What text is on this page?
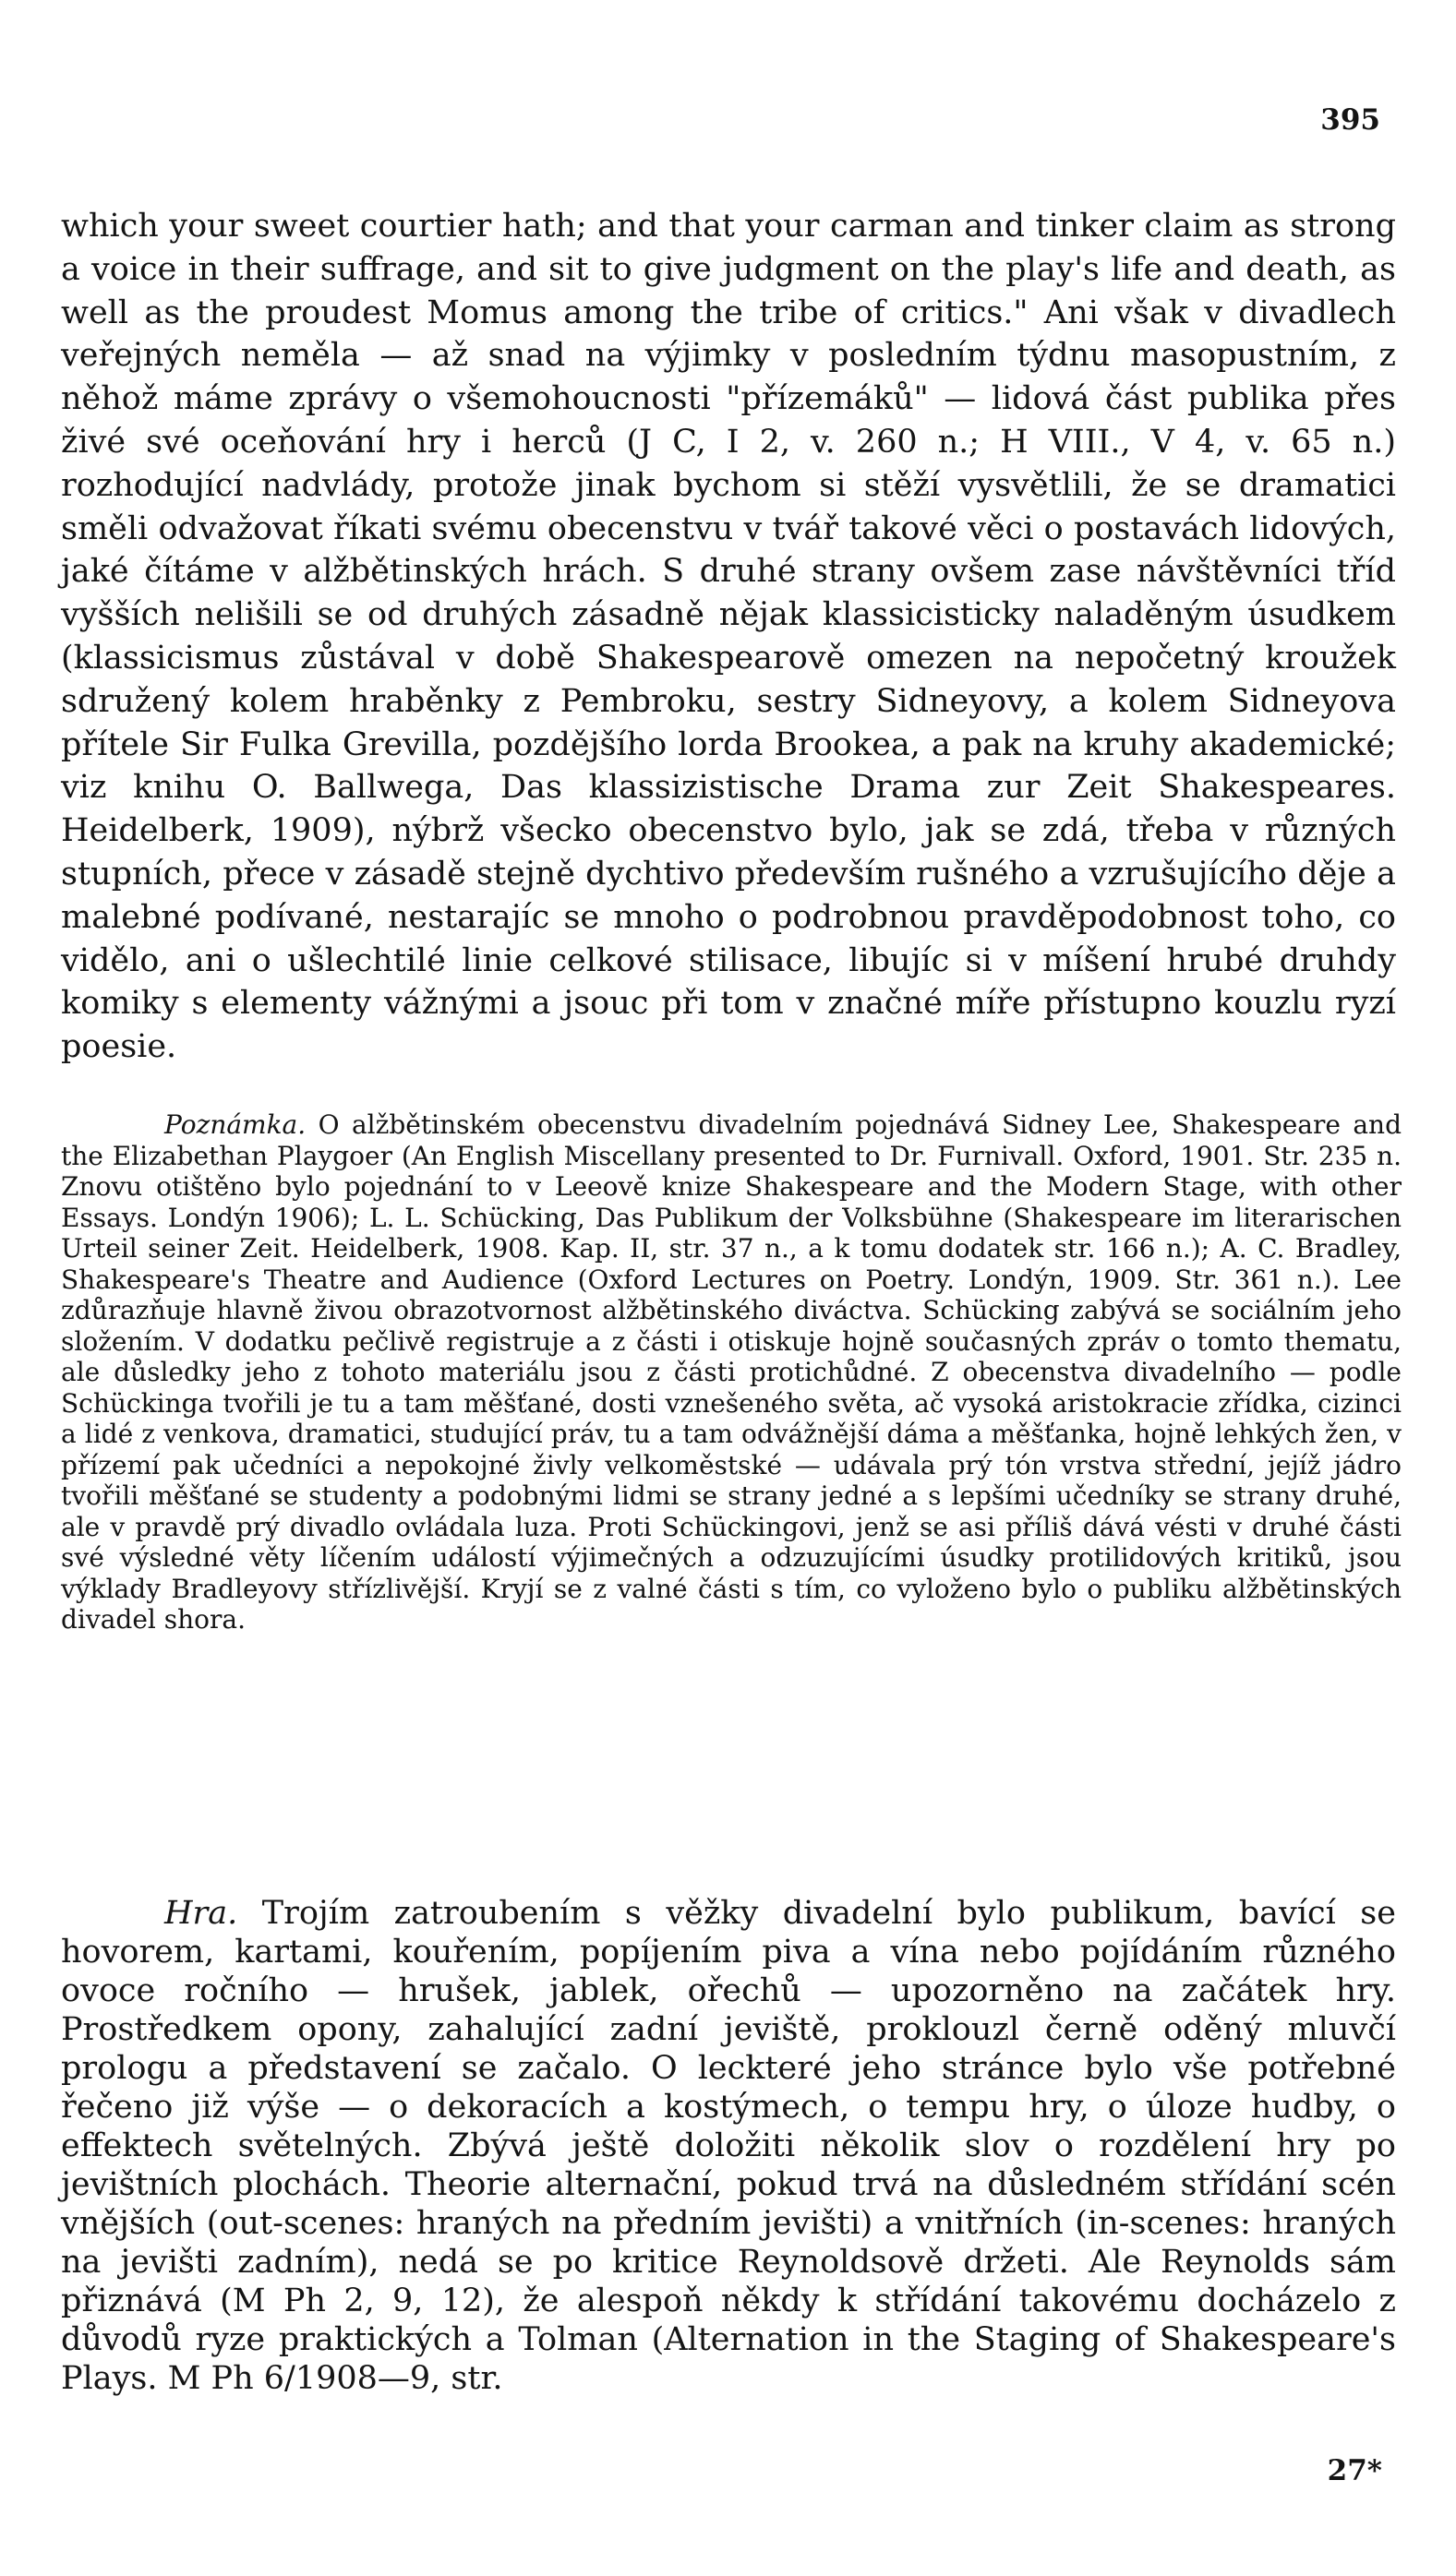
395

which your sweet courtier hath; and that your carman and tinker claim as strong a voice in their suffrage, and sit to give judgment on the play's life and death, as well as the proudest Momus among the tribe of critics." Ani však v divadlech veřejných neměla — až snad na výjimky v posledním týdnu masopustním, z něhož máme zprávy o všemohoucnosti "přízemáků" — lidová část publika přes živé své oceňování hry i herců (J C, I 2, v. 260 n.; H VIII., V 4, v. 65 n.) rozhodující nadvlády, protože jinak bychom si stěží vysvětlili, že se dramatici směli odvažovat říkati svému obecenstvu v tvář takové věci o postavách lidových, jaké čítáme v alžbětinských hrách. S druhé strany ovšem zase návštěvníci tříd vyšších nelišili se od druhých zásadně nějak klassicisticky naladěným úsudkem (klassicismus zůstával v době Shakespearově omezen na nepočetný kroužek sdružený kolem hraběnky z Pembroku, sestry Sidneyovy, a kolem Sidneyova přítele Sir Fulka Grevilla, pozdějšího lorda Brookea, a pak na kruhy akademické; viz knihu O. Ballwega, Das klassizistische Drama zur Zeit Shakespeares. Heidelberk, 1909), nýbrž všecko obecenstvo bylo, jak se zdá, třeba v různých stupních, přece v zásadě stejně dychtivo především rušného a vzrušujícího děje a malebné podívané, nestarajíc se mnoho o podrobnou pravděpodobnost toho, co vidělo, ani o ušlechtilé linie celkové stilisace, libujíc si v míšení hrubé druhdy komiky s elementy vážnými a jsouc při tom v značné míře přístupno kouzlu ryzí poesie.

Poznámka. O alžbětinském obecenstvu divadelním pojednává Sidney Lee, Shakespeare and the Elizabethan Playgoer (An English Miscellany presented to Dr. Furnivall. Oxford, 1901. Str. 235 n. Znovu otištěno bylo pojednání to v Leeově knize Shakespeare and the Modern Stage, with other Essays. Londýn 1906); L. L. Schücking, Das Publikum der Volksbühne (Shakespeare im literarischen Urteil seiner Zeit. Heidelberk, 1908. Kap. II, str. 37 n., a k tomu dodatek str. 166 n.); A. C. Bradley, Shakespeare's Theatre and Audience (Oxford Lectures on Poetry. Londýn, 1909. Str. 361 n.). Lee zdůrazňuje hlavně živou obrazotvornost alžbětinského diváctva. Schücking zabývá se sociálním jeho složením. V dodatku pečlivě registruje a z části i otiskuje hojně současných zpráv o tomto thematu, ale důsledky jeho z tohoto materiálu jsou z části protichůdné. Z obecenstva divadelního — podle Schückinga tvořili je tu a tam měšťané, dosti vznešeného světa, ač vysoká aristokracie zřídka, cizinci a lidé z venkova, dramatici, studující práv, tu a tam odvážnější dáma a měšťanka, hojně lehkých žen, v přízemí pak učedníci a nepokojné živly velkoměstské — udávala prý tón vrstva střední, jejíž jádro tvořili měšťané se studenty a podobnými lidmi se strany jedné a s lepšími učedníky se strany druhé, ale v pravdě prý divadlo ovládala luza. Proti Schückingovi, jenž se asi příliš dává vésti v druhé části své výsledné věty líčením událostí výjimečných a odzuzujícími úsudky protilidových kritiků, jsou výklady Bradleyovy střízlivější. Kryjí se z valné části s tím, co vyloženo bylo o publiku alžbětinských divadel shora.

Hra. Trojím zatroubením s věžky divadelní bylo publikum, bavící se hovorem, kartami, kouřením, popíjením piva a vína nebo pojídáním různého ovoce ročního — hrušek, jablek, ořechů — upozorněno na začátek hry. Prostředkem opony, zahalující zadní jeviště, proklouzl černě oděný mluvčí prologu a představení se začalo. O leckteré jeho stránce bylo vše potřebné řečeno již výše — o dekoracích a kostýmech, o tempu hry, o úloze hudby, o effektech světelných. Zbývá ještě doložiti několik slov o rozdělení hry po jevištních plochách. Theorie alternační, pokud trvá na důsledném střídání scén vnějších (out-scenes: hraných na předním jevišti) a vnitřních (in-scenes: hraných na jevišti zadním), nedá se po kritice Reynoldsově držeti. Ale Reynolds sám přiznává (M Ph 2, 9, 12), že alespoň někdy k střídání takovému docházelo z důvodů ryze praktických a Tolman (Alternation in the Staging of Shakespeare's Plays. M Ph 6/1908—9, str.

27*
